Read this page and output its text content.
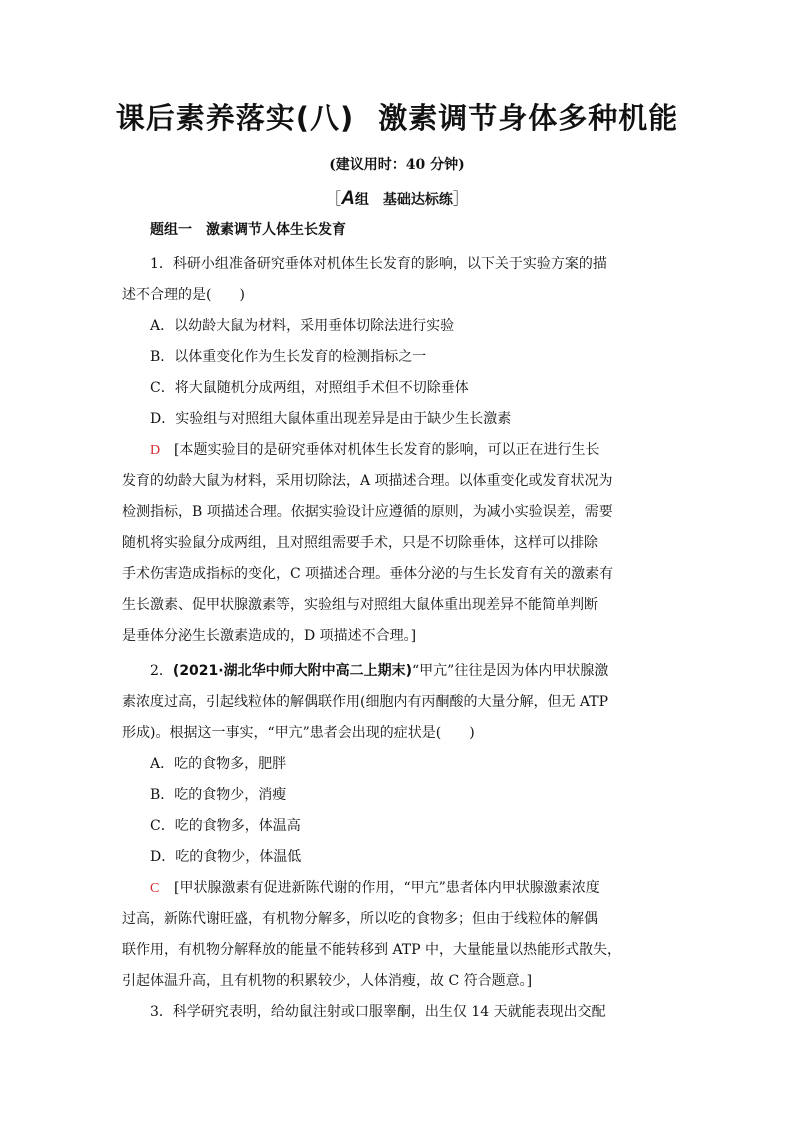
课后素养落实(八) 激素调节身体多种机能
(建议用时：40 分钟)
［A组　基础达标练］
题组一　激素调节人体生长发育
1．科研小组准备研究垂体对机体生长发育的影响，以下关于实验方案的描
述不合理的是(　　)
A．以幼龄大鼠为材料，采用垂体切除法进行实验
B．以体重变化作为生长发育的检测指标之一
C．将大鼠随机分成两组，对照组手术但不切除垂体
D．实验组与对照组大鼠体重出现差异是由于缺少生长激素
D [本题实验目的是研究垂体对机体生长发育的影响，可以正在进行生长
发育的幼龄大鼠为材料，采用切除法，A 项描述合理。以体重变化或发育状况为
检测指标，B 项描述合理。依据实验设计应遵循的原则，为减小实验误差，需要
随机将实验鼠分成两组，且对照组需要手术，只是不切除垂体，这样可以排除
手术伤害造成指标的变化，C 项描述合理。垂体分泌的与生长发育有关的激素有
生长激素、促甲状腺激素等，实验组与对照组大鼠体重出现差异不能简单判断
是垂体分泌生长激素造成的，D 项描述不合理。]
2．(2021·湖北华中师大附中高二上期末)“甲亢”往往是因为体内甲状腺激
素浓度过高，引起线粒体的解偶联作用(细胞内有丙酮酸的大量分解，但无 ATP
形成)。根据这一事实，“甲亢”患者会出现的症状是(　　)
A．吃的食物多，肥胖
B．吃的食物少，消瘦
C．吃的食物多，体温高
D．吃的食物少，体温低
C [甲状腺激素有促进新陈代谢的作用，“甲亢”患者体内甲状腺激素浓度
过高，新陈代谢旺盛，有机物分解多，所以吃的食物多；但由于线粒体的解偶
联作用，有机物分解释放的能量不能转移到 ATP 中，大量能量以热能形式散失，
引起体温升高，且有机物的积累较少，人体消瘦，故 C 符合题意。]
3．科学研究表明，给幼鼠注射或口服睾酮，出生仅 14 天就能表现出交配
